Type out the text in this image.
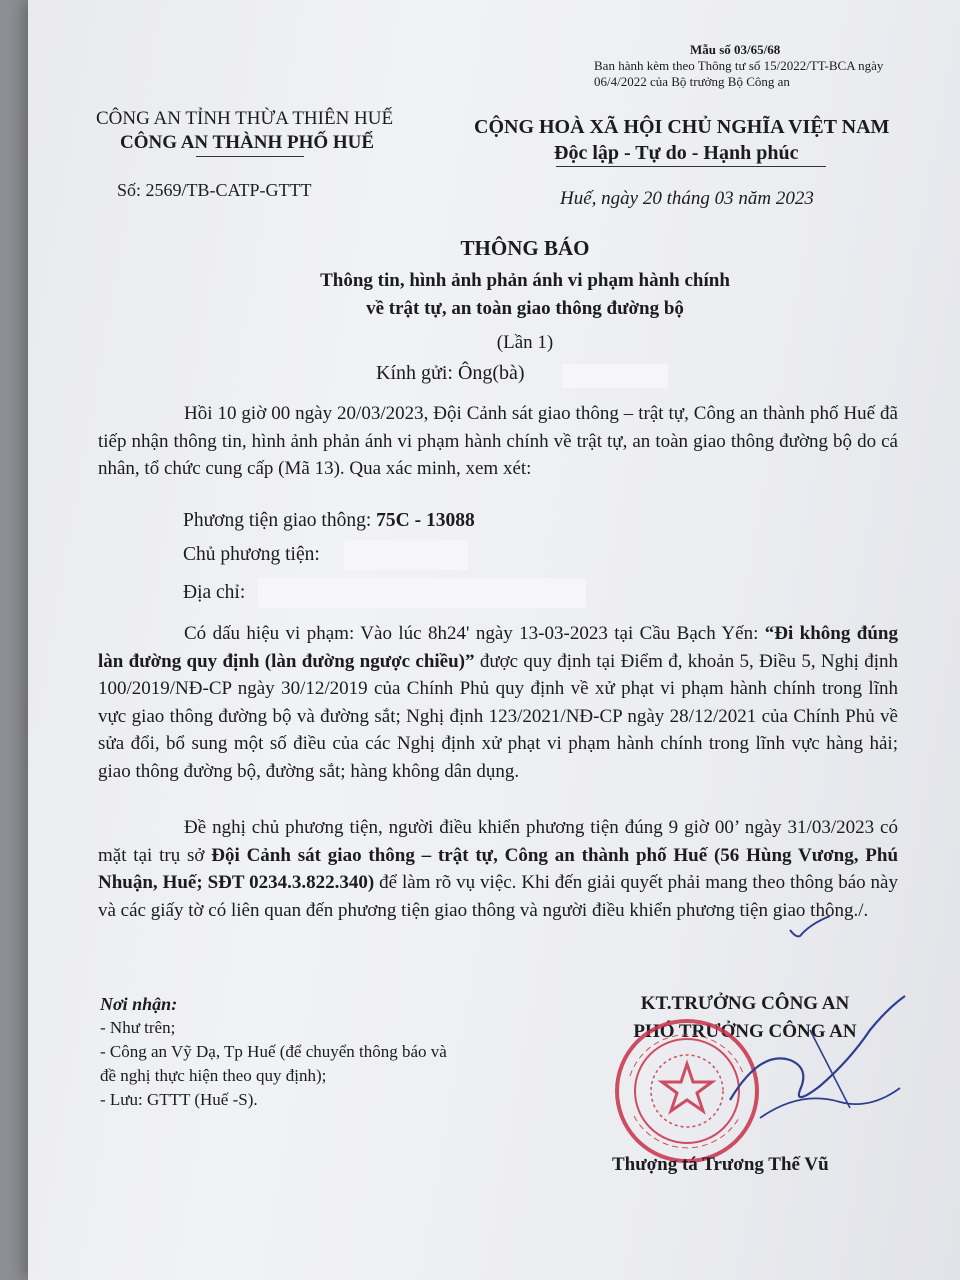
Mẫu số 03/65/68
Ban hành kèm theo Thông tư số 15/2022/TT-BCA ngày 06/4/2022 của Bộ trưởng Bộ Công an
CÔNG AN TỈNH THỪA THIÊN HUẾ
CÔNG AN THÀNH PHỐ HUẾ
CỘNG HOÀ XÃ HỘI CHỦ NGHĨA VIỆT NAM
Độc lập - Tự do - Hạnh phúc
Số: 2569/TB-CATP-GTTT	Huế, ngày 20 tháng 03 năm 2023
THÔNG BÁO
Thông tin, hình ảnh phản ánh vi phạm hành chính
về trật tự, an toàn giao thông đường bộ
(Lần 1)
Kính gửi: Ông(bà)
Hồi 10 giờ 00 ngày 20/03/2023, Đội Cảnh sát giao thông – trật tự, Công an thành phố Huế đã tiếp nhận thông tin, hình ảnh phản ánh vi phạm hành chính về trật tự, an toàn giao thông đường bộ do cá nhân, tổ chức cung cấp (Mã 13). Qua xác minh, xem xét:
Phương tiện giao thông: 75C - 13088
Chủ phương tiện:
Địa chỉ:
Có dấu hiệu vi phạm: Vào lúc 8h24' ngày 13-03-2023 tại Cầu Bạch Yến: “Đi không đúng làn đường quy định (làn đường ngược chiều)” được quy định tại Điểm đ, khoản 5, Điều 5, Nghị định 100/2019/NĐ-CP ngày 30/12/2019 của Chính Phủ quy định về xử phạt vi phạm hành chính trong lĩnh vực giao thông đường bộ và đường sắt; Nghị định 123/2021/NĐ-CP ngày 28/12/2021 của Chính Phủ về sửa đổi, bổ sung một số điều của các Nghị định xử phạt vi phạm hành chính trong lĩnh vực hàng hải; giao thông đường bộ, đường sắt; hàng không dân dụng.
Đề nghị chủ phương tiện, người điều khiển phương tiện đúng 9 giờ 00’ ngày 31/03/2023 có mặt tại trụ sở Đội Cảnh sát giao thông – trật tự, Công an thành phố Huế (56 Hùng Vương, Phú Nhuận, Huế; SĐT 0234.3.822.340) để làm rõ vụ việc. Khi đến giải quyết phải mang theo thông báo này và các giấy tờ có liên quan đến phương tiện giao thông và người điều khiển phương tiện giao thông./.
Nơi nhận:
- Như trên;
- Công an Vỹ Dạ, Tp Huế (để chuyển thông báo và
đề nghị thực hiện theo quy định);
- Lưu: GTTT (Huế -S).
KT.TRƯỞNG CÔNG AN
PHÓ TRƯỞNG CÔNG AN
Thượng tá Trương Thế Vũ
